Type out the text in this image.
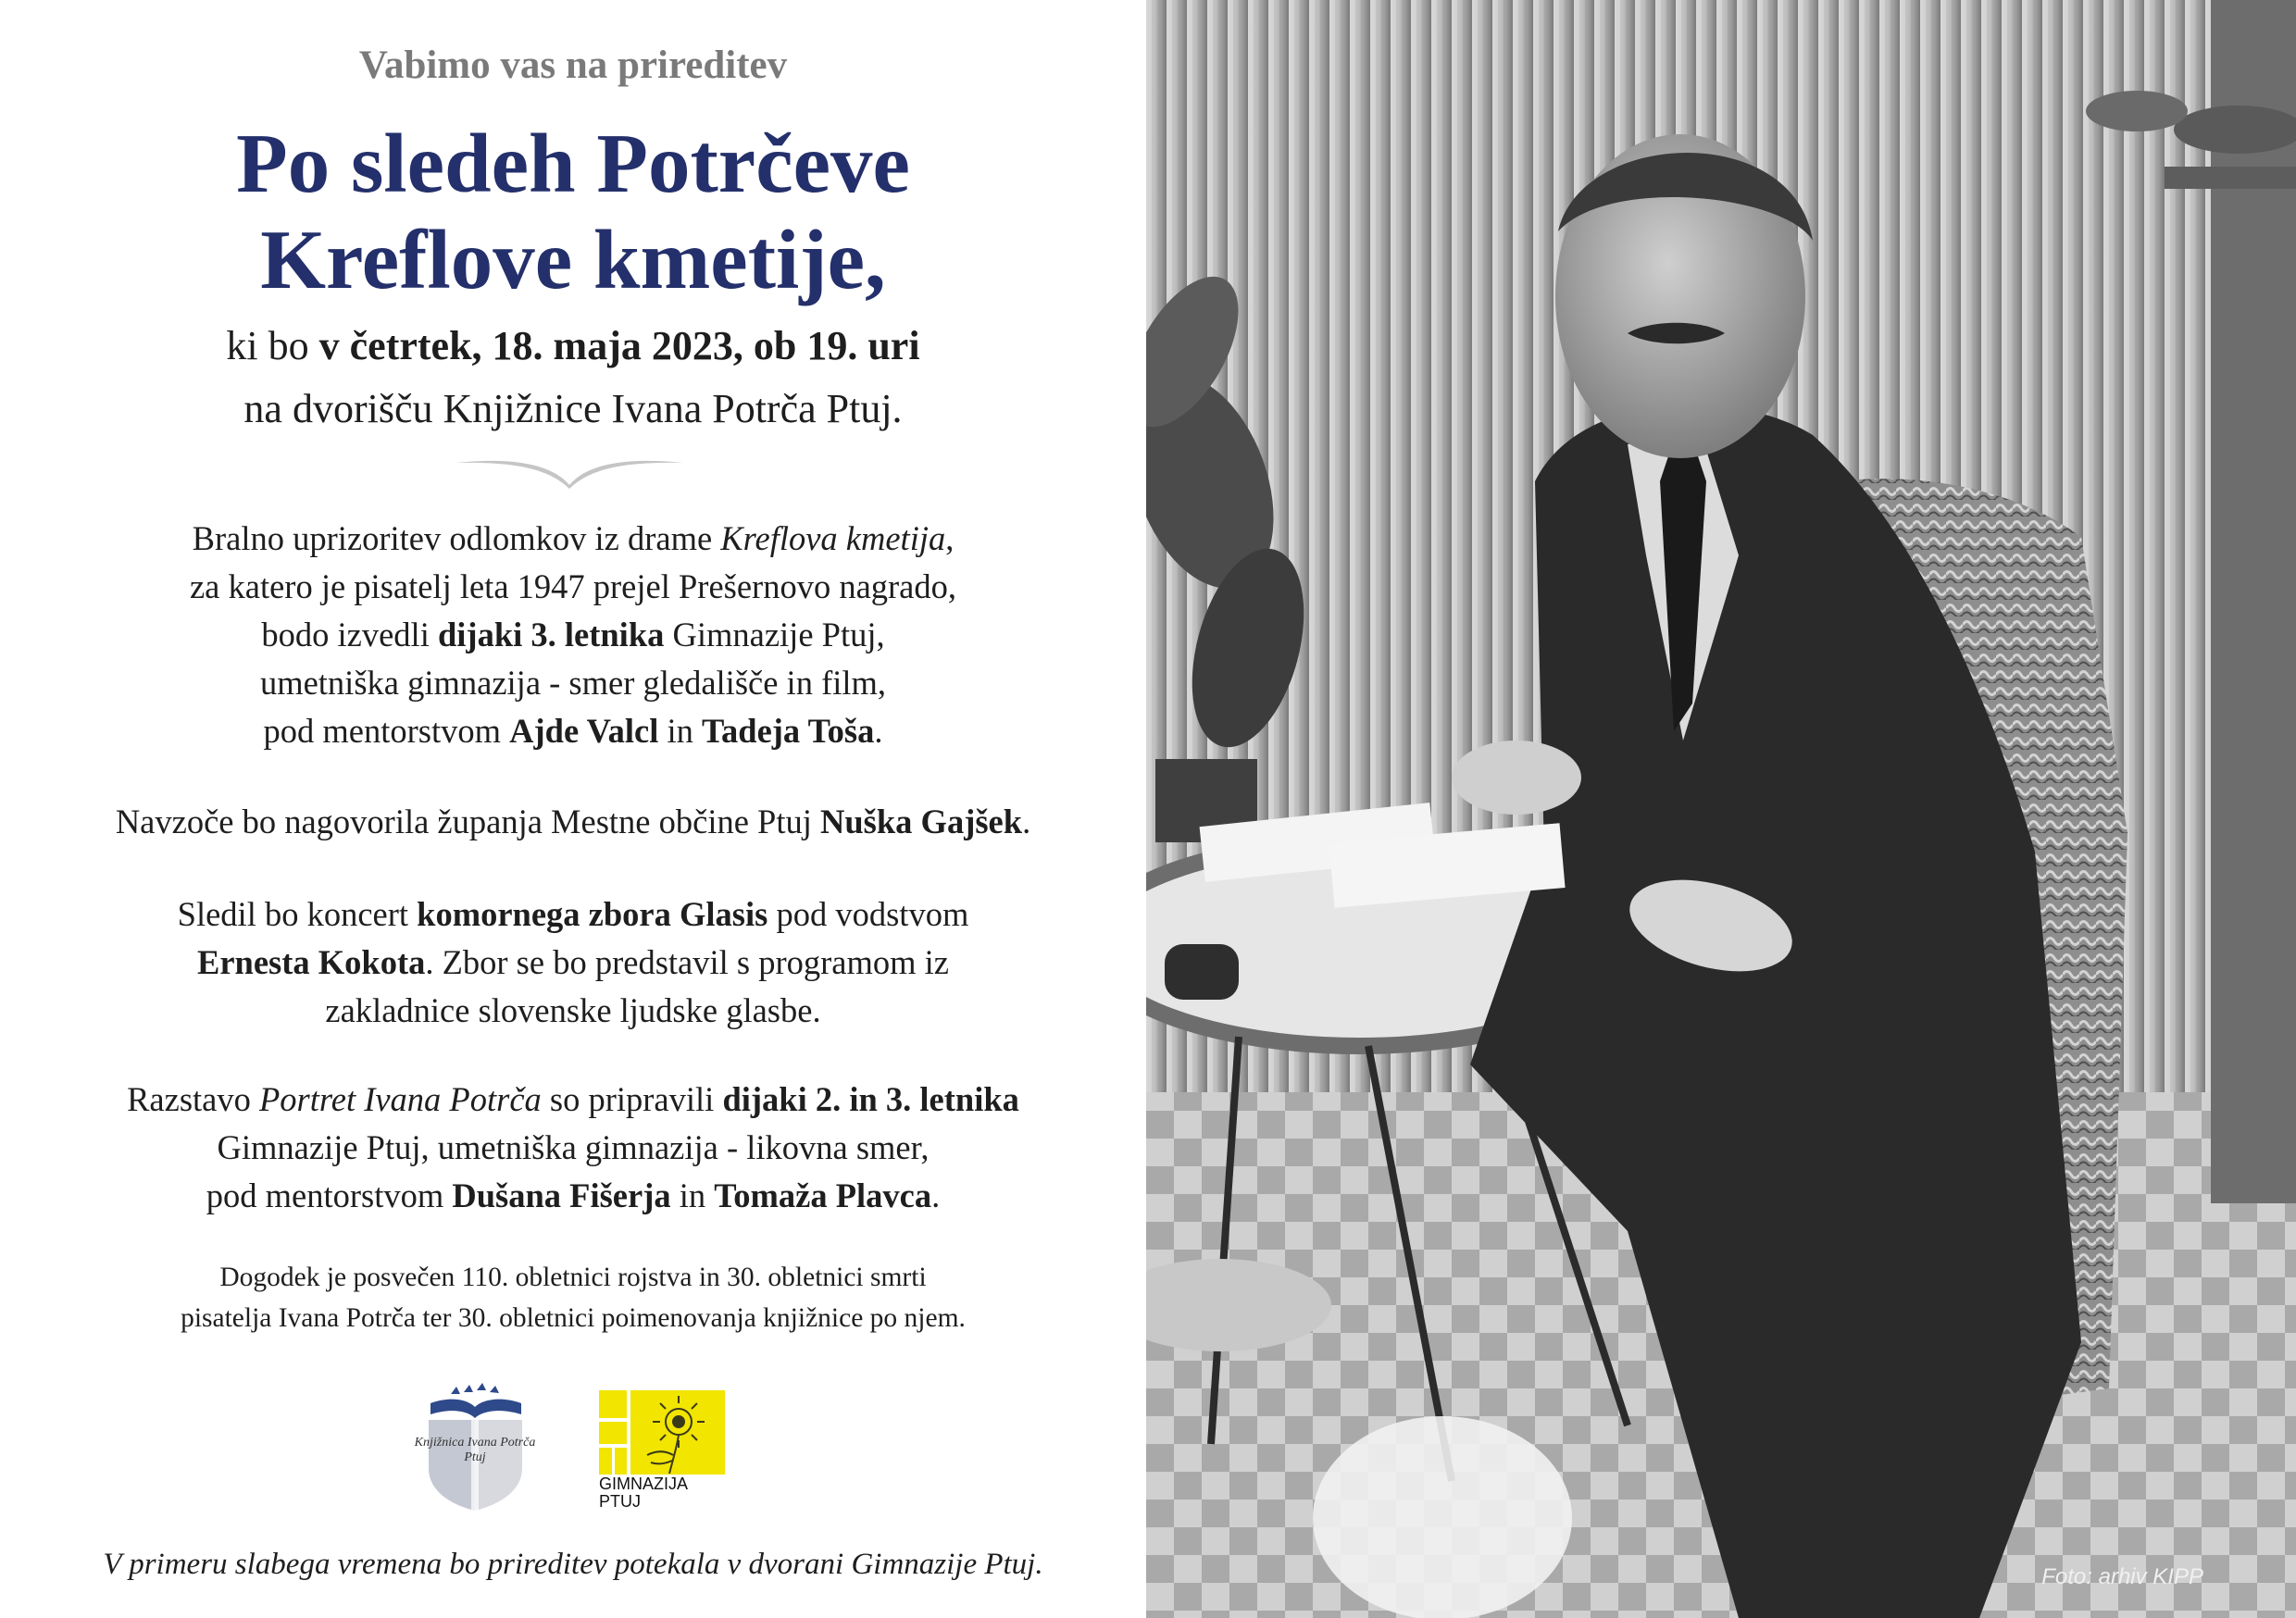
Vabimo vas na prireditev
Po sledeh Potrčeve
Kreflove kmetije,
ki bo v četrtek, 18. maja 2023, ob 19. uri
na dvorišču Knjižnice Ivana Potrča Ptuj.
Bralno uprizoritev odlomkov iz drame Kreflova kmetija,
za katero je pisatelj leta 1947 prejel Prešernovo nagrado,
bodo izvedli dijaki 3. letnika Gimnazije Ptuj,
umetniška gimnazija - smer gledališče in film,
pod mentorstvom Ajde Valcl in Tadeja Toša.
Navzoče bo nagovorila županja Mestne občine Ptuj Nuška Gajšek.
Sledil bo koncert komornega zbora Glasis pod vodstvom
Ernesta Kokota. Zbor se bo predstavil s programom iz
zakladnice slovenske ljudske glasbe.
Razstavo Portret Ivana Potrča so pripravili dijaki 2. in 3. letnika
Gimnazije Ptuj, umetniška gimnazija - likovna smer,
pod mentorstvom Dušana Fišerja in Tomaža Plavca.
Dogodek je posvečen 110. obletnici rojstva in 30. obletnici smrti
pisatelja Ivana Potrča ter 30. obletnici poimenovanja knjižnice po njem.
Knjižnica Ivana Potrča
Ptuj
GIMNAZIJA
PTUJ
V primeru slabega vremena bo prireditev potekala v dvorani Gimnazije Ptuj.	Foto: arhiv KIPP
